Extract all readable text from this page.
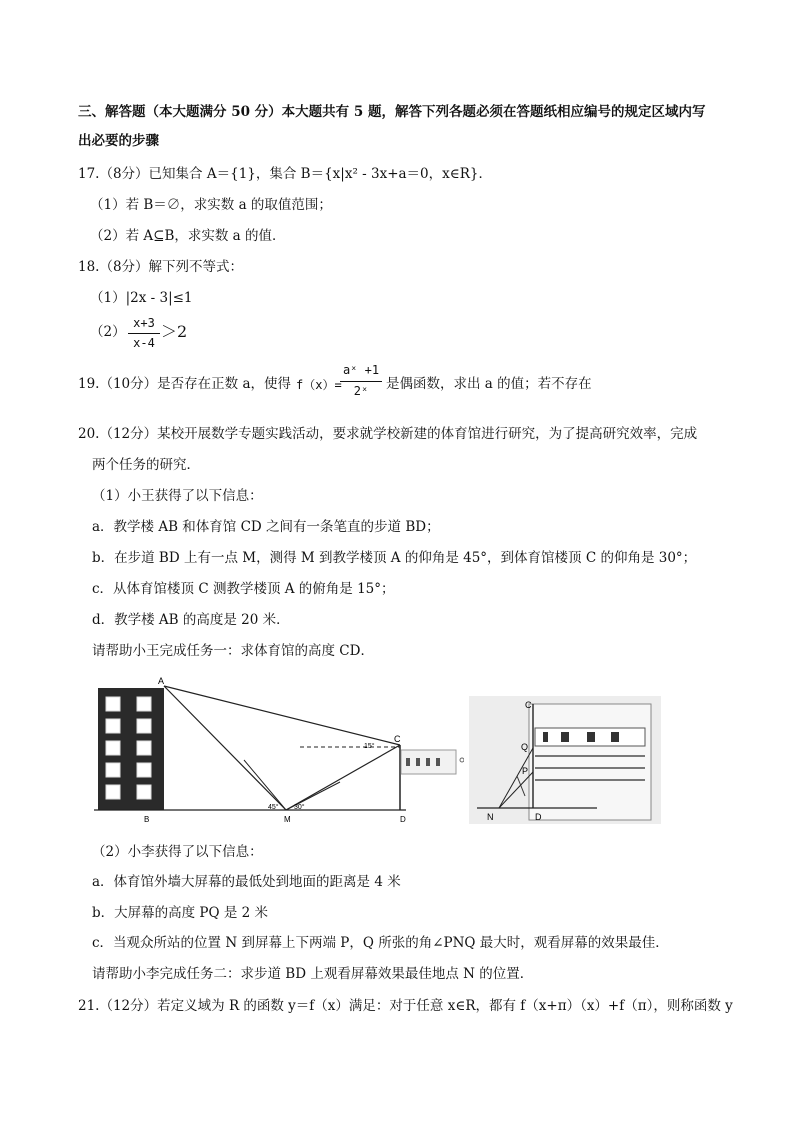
三、解答题（本大题满分 50 分）本大题共有 5 题，解答下列各题必须在答题纸相应编号的规定区域内写
出必要的步骤
17.（8分）已知集合 A＝{1}，集合 B＝{x|x² - 3x+a＝0，x∈R}．
（1）若 B＝∅，求实数 a 的取值范围；
（2）若 A⊆B，求实数 a 的值．
18.（8分）解下列不等式：
（1）|2x - 3|≤1
（2）
x+3
x-4
＞2
19.（10分）是否存在正数 a，使得 f（x）=
aˣ +1
2ˣ	是偶函数，求出 a 的值；若不存在
20.（12分）某校开展数学专题实践活动，要求就学校新建的体育馆进行研究，为了提高研究效率，完成
两个任务的研究．
（1）小王获得了以下信息：
a．教学楼 AB 和体育馆 CD 之间有一条笔直的步道 BD；
b．在步道 BD 上有一点 M，测得 M 到教学楼顶 A 的仰角是 45°，到体育馆楼顶 C 的仰角是 30°；
c．从体育馆楼顶 C 测教学楼顶 A 的俯角是 15°；
d．教学楼 AB 的高度是 20 米．
请帮助小王完成任务一：求体育馆的高度 CD．
A
B
C
D
M
45° 30°
15°
C
Q
P
N	D
（2）小李获得了以下信息：
a．体育馆外墙大屏幕的最低处到地面的距离是 4 米
b．大屏幕的高度 PQ 是 2 米
c．当观众所站的位置 N 到屏幕上下两端 P，Q 所张的角∠PNQ 最大时，观看屏幕的效果最佳．
请帮助小李完成任务二：求步道 BD 上观看屏幕效果最佳地点 N 的位置．
21.（12分）若定义域为 R 的函数 y＝f（x）满足：对于任意 x∈R，都有 f（x+π）（x）+f（π），则称函数 y
